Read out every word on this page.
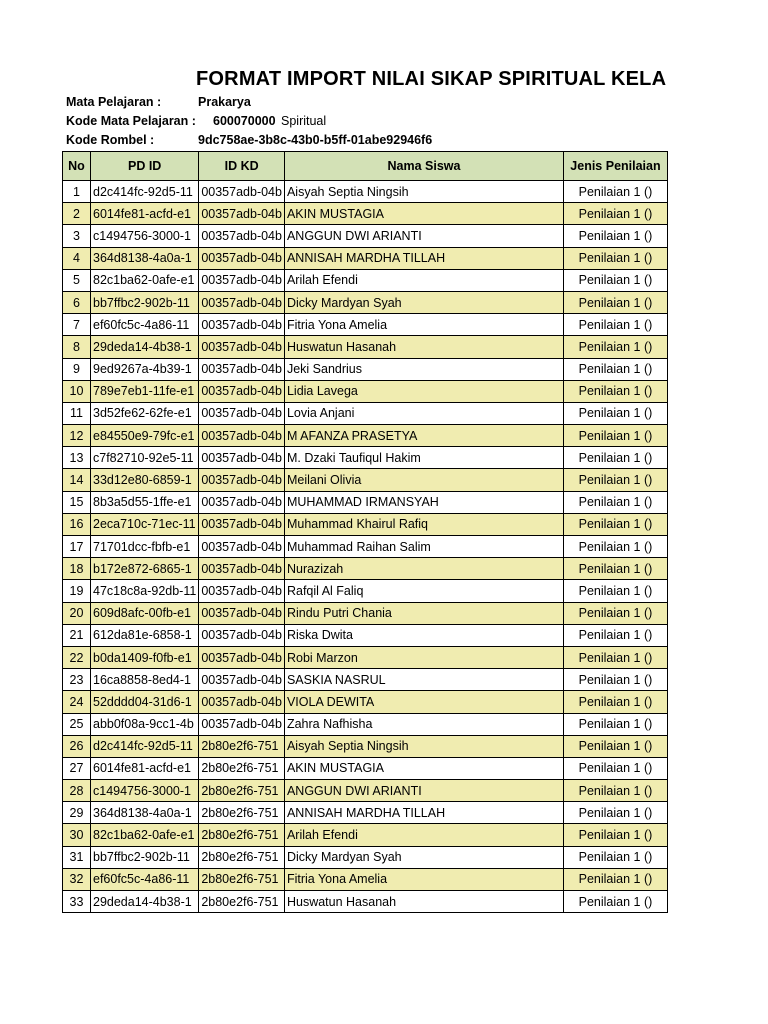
FORMAT IMPORT NILAI SIKAP SPIRITUAL KELA
Mata Pelajaran :	Prakarya
Kode Mata Pelajaran : 600070000 Spiritual
Kode Rombel :	9dc758ae-3b8c-43b0-b5ff-01abe92946f6
No	PD ID	ID KD	Nama Siswa	Jenis Penilaian
1	d2c414fc-92d5-11	00357adb-04b	Aisyah Septia Ningsih	Penilaian 1 ()
2	6014fe81-acfd-e1	00357adb-04b	AKIN MUSTAGIA	Penilaian 1 ()
3	c1494756-3000-1	00357adb-04b	ANGGUN DWI ARIANTI	Penilaian 1 ()
4	364d8138-4a0a-1	00357adb-04b	ANNISAH MARDHA TILLAH	Penilaian 1 ()
5	82c1ba62-0afe-e1	00357adb-04b	Arilah Efendi	Penilaian 1 ()
6	bb7ffbc2-902b-11	00357adb-04b	Dicky Mardyan Syah	Penilaian 1 ()
7	ef60fc5c-4a86-11	00357adb-04b	Fitria Yona Amelia	Penilaian 1 ()
8	29deda14-4b38-1	00357adb-04b	Huswatun Hasanah	Penilaian 1 ()
9	9ed9267a-4b39-1	00357adb-04b	Jeki Sandrius	Penilaian 1 ()
10	789e7eb1-11fe-e1	00357adb-04b	Lidia Lavega	Penilaian 1 ()
11	3d52fe62-62fe-e1	00357adb-04b	Lovia Anjani	Penilaian 1 ()
12	e84550e9-79fc-e1	00357adb-04b	M AFANZA PRASETYA	Penilaian 1 ()
13	c7f82710-92e5-11	00357adb-04b	M. Dzaki Taufiqul Hakim	Penilaian 1 ()
14	33d12e80-6859-1	00357adb-04b	Meilani Olivia	Penilaian 1 ()
15	8b3a5d55-1ffe-e1	00357adb-04b	MUHAMMAD IRMANSYAH	Penilaian 1 ()
16	2eca710c-71ec-11	00357adb-04b	Muhammad Khairul Rafiq	Penilaian 1 ()
17	71701dcc-fbfb-e1	00357adb-04b	Muhammad Raihan Salim	Penilaian 1 ()
18	b172e872-6865-1	00357adb-04b	Nurazizah	Penilaian 1 ()
19	47c18c8a-92db-11	00357adb-04b	Rafqil Al Faliq	Penilaian 1 ()
20	609d8afc-00fb-e1	00357adb-04b	Rindu Putri Chania	Penilaian 1 ()
21	612da81e-6858-1	00357adb-04b	Riska Dwita	Penilaian 1 ()
22	b0da1409-f0fb-e1	00357adb-04b	Robi Marzon	Penilaian 1 ()
23	16ca8858-8ed4-1	00357adb-04b	SASKIA NASRUL	Penilaian 1 ()
24	52dddd04-31d6-1	00357adb-04b	VIOLA DEWITA	Penilaian 1 ()
25	abb0f08a-9cc1-4b	00357adb-04b	Zahra Nafhisha	Penilaian 1 ()
26	d2c414fc-92d5-11	2b80e2f6-751	Aisyah Septia Ningsih	Penilaian 1 ()
27	6014fe81-acfd-e1	2b80e2f6-751	AKIN MUSTAGIA	Penilaian 1 ()
28	c1494756-3000-1	2b80e2f6-751	ANGGUN DWI ARIANTI	Penilaian 1 ()
29	364d8138-4a0a-1	2b80e2f6-751	ANNISAH MARDHA TILLAH	Penilaian 1 ()
30	82c1ba62-0afe-e1	2b80e2f6-751	Arilah Efendi	Penilaian 1 ()
31	bb7ffbc2-902b-11	2b80e2f6-751	Dicky Mardyan Syah	Penilaian 1 ()
32	ef60fc5c-4a86-11	2b80e2f6-751	Fitria Yona Amelia	Penilaian 1 ()
33	29deda14-4b38-1	2b80e2f6-751	Huswatun Hasanah	Penilaian 1 ()
